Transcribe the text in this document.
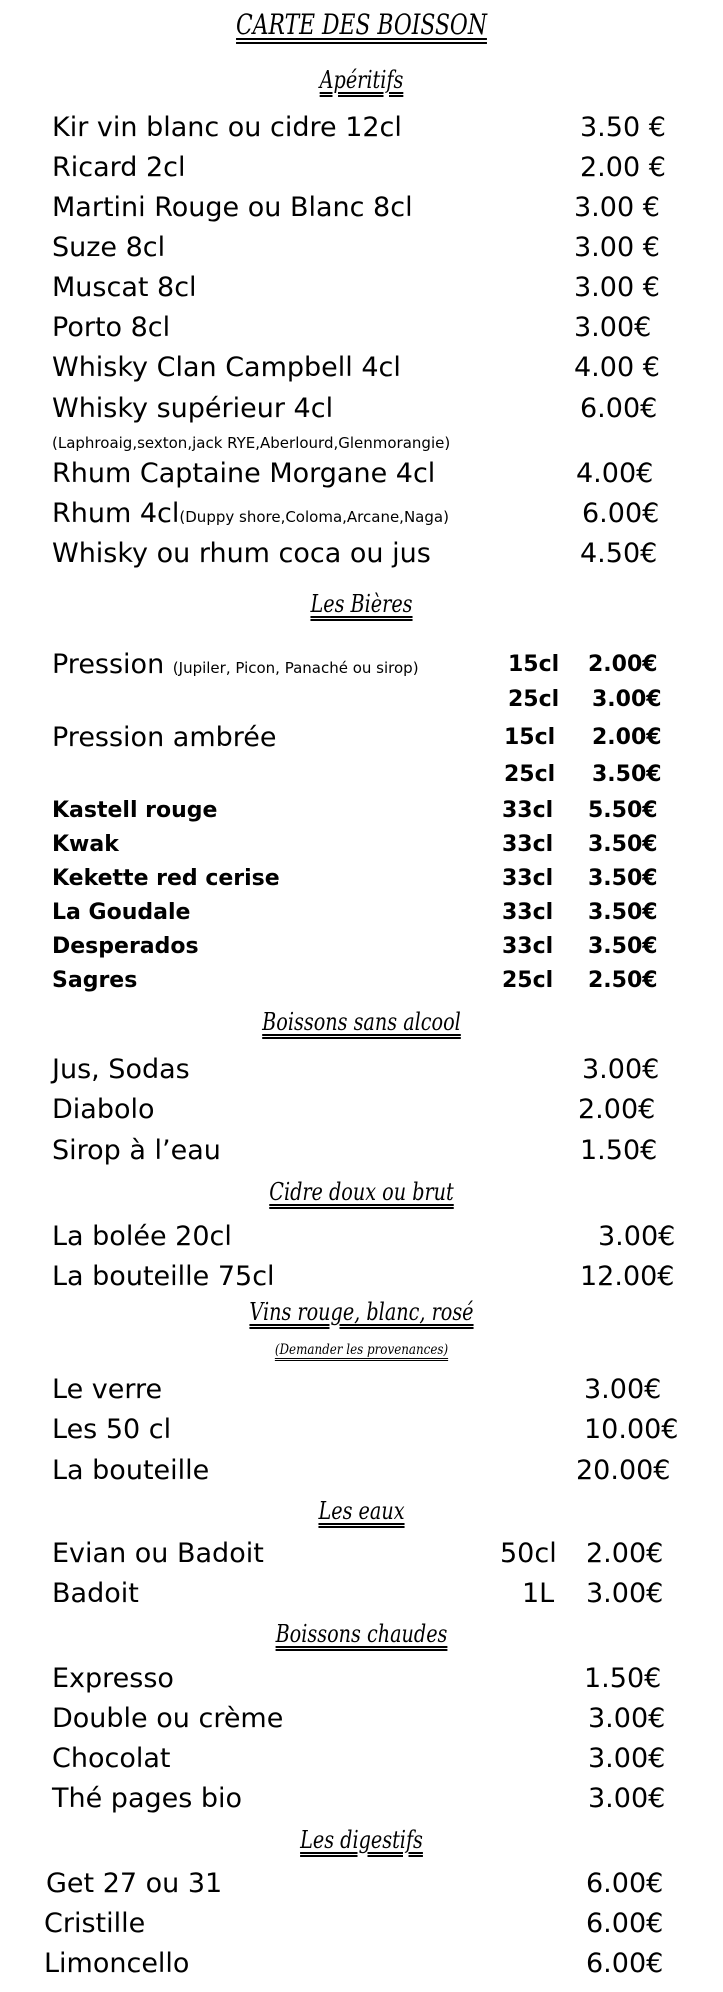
CARTE DES BOISSON
Apéritifs
Kir vin blanc ou cidre 12cl	3.50 €
Ricard 2cl	2.00 €
Martini Rouge ou Blanc 8cl	3.00 €
Suze 8cl	3.00 €
Muscat 8cl	3.00 €
Porto 8cl	3.00€
Whisky Clan Campbell 4cl	4.00 €
Whisky supérieur 4cl	6.00€
(Laphroaig,sexton,jack RYE,Aberlourd,Glenmorangie)
Rhum Captaine Morgane 4cl	4.00€
Rhum 4cl(Duppy shore,Coloma,Arcane,Naga)	6.00€
Whisky ou rhum coca ou jus	4.50€
Les Bières
Pression (Jupiler, Picon, Panaché ou sirop)	15cl 2.00€
25cl 3.00€
Pression ambrée	15cl 2.00€
25cl 3.50€
Kastell rouge	33cl 5.50€
Kwak	33cl 3.50€
Kekette red cerise	33cl 3.50€
La Goudale	33cl 3.50€
Desperados	33cl 3.50€
Sagres	25cl 2.50€
Boissons sans alcool
Jus, Sodas	3.00€
Diabolo	2.00€
Sirop à l’eau	1.50€
Cidre doux ou brut
La bolée 20cl	3.00€
La bouteille 75cl	12.00€
Vins rouge, blanc, rosé
(Demander les provenances)
Le verre	3.00€
Les 50 cl	10.00€
La bouteille	20.00€
Les eaux
Evian ou Badoit	50cl 2.00€
Badoit	1L 3.00€
Boissons chaudes
Expresso	1.50€
Double ou crème	3.00€
Chocolat	3.00€
Thé pages bio	3.00€
Les digestifs
Get 27 ou 31	6.00€
Cristille	6.00€
Limoncello	6.00€
